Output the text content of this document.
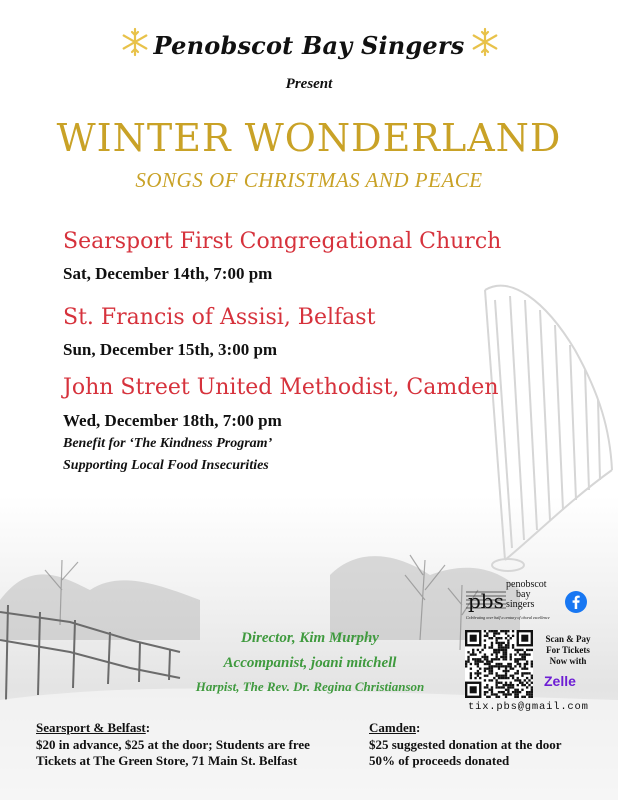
Penobscot Bay Singers
Present
WINTER WONDERLAND
SONGS OF CHRISTMAS AND PEACE
Searsport First Congregational Church
Sat, December 14th, 7:00 pm
St. Francis of Assisi, Belfast
Sun, December 15th, 3:00 pm
John Street United Methodist, Camden
Wed, December 18th, 7:00 pm
Benefit for ‘The Kindness Program’
Supporting Local Food Insecurities
Director, Kim Murphy
Accompanist, joani mitchell
Harpist, The Rev. Dr. Regina Christianson
pbs
penobscot
bay
singers
Celebrating over half a century of choral excellence
Scan & Pay
For Tickets
Now with
Zelle
tix.pbs@gmail.com
Searsport & Belfast:
$20 in advance, $25 at the door; Students are free
Tickets at The Green Store, 71 Main St. Belfast
Camden:
$25 suggested donation at the door
50% of proceeds donated
